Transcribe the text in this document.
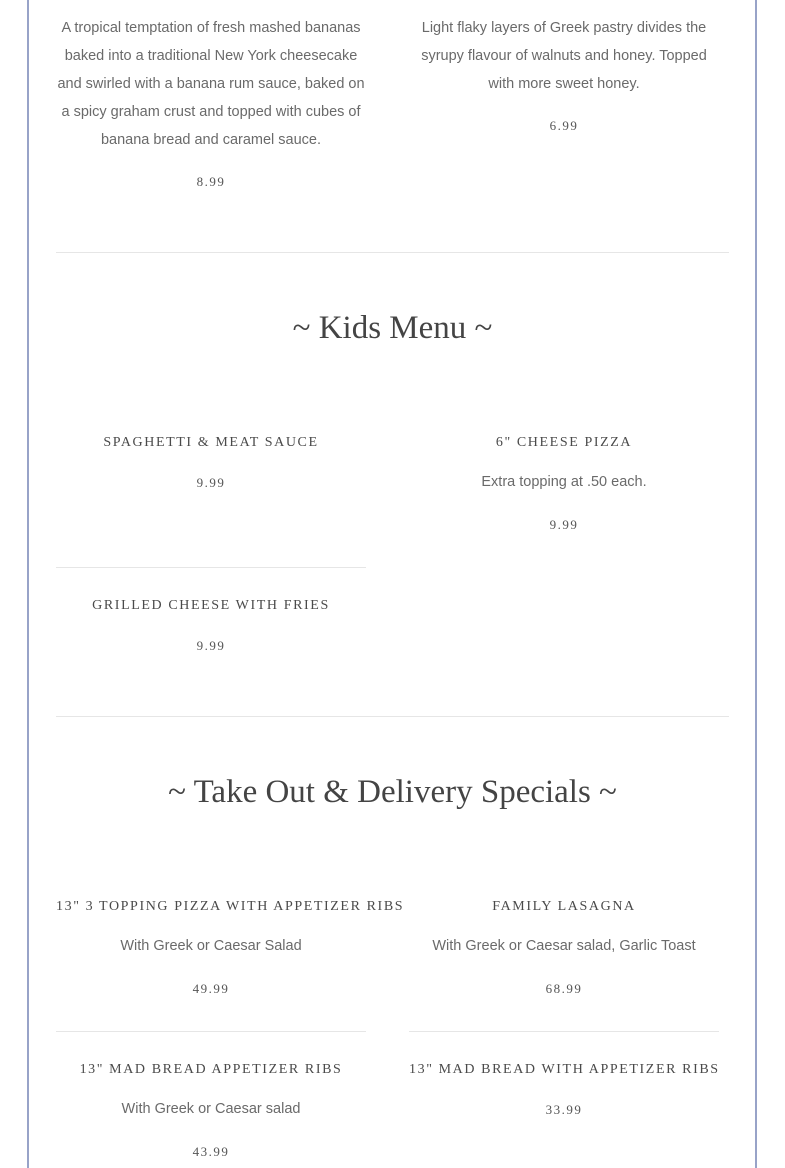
A tropical temptation of fresh mashed bananas baked into a traditional New York cheesecake and swirled with a banana rum sauce, baked on a spicy graham crust and topped with cubes of banana bread and caramel sauce.
8.99
Light flaky layers of Greek pastry divides the syrupy flavour of walnuts and honey. Topped with more sweet honey.
6.99
~ Kids Menu ~
SPAGHETTI & MEAT SAUCE
9.99
6" CHEESE PIZZA
Extra topping at .50 each.
9.99
GRILLED CHEESE WITH FRIES
9.99
~ Take Out & Delivery Specials ~
13" 3 TOPPING PIZZA WITH APPETIZER RIBS
With Greek or Caesar Salad
49.99
FAMILY LASAGNA
With Greek or Caesar salad, Garlic Toast
68.99
13" MAD BREAD APPETIZER RIBS
With Greek or Caesar salad
43.99
13" MAD BREAD WITH APPETIZER RIBS
33.99
